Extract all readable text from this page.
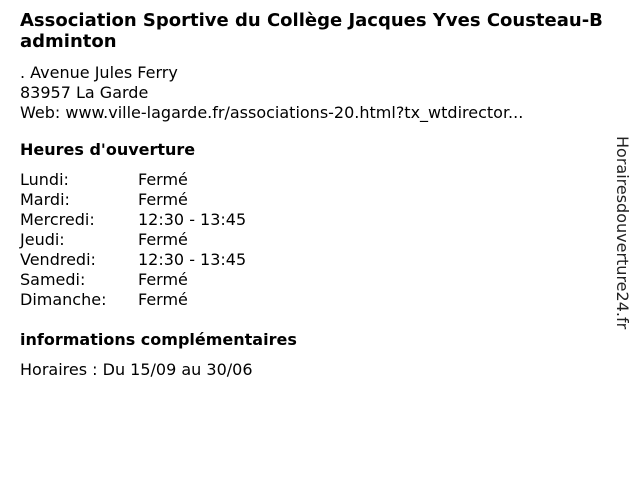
Association Sportive du Collège Jacques Yves Cousteau-Badminton
. Avenue Jules Ferry
83957 La Garde
Web: www.ville-lagarde.fr/associations-20.html?tx_wtdirector...
Heures d'ouverture
Lundi:	Fermé
Mardi:	Fermé
Mercredi:	12:30 - 13:45
Jeudi:	Fermé
Vendredi:	12:30 - 13:45
Samedi:	Fermé
Dimanche:	Fermé
informations complémentaires
Horaires : Du 15/09 au 30/06
Horairesdouverture24.fr
